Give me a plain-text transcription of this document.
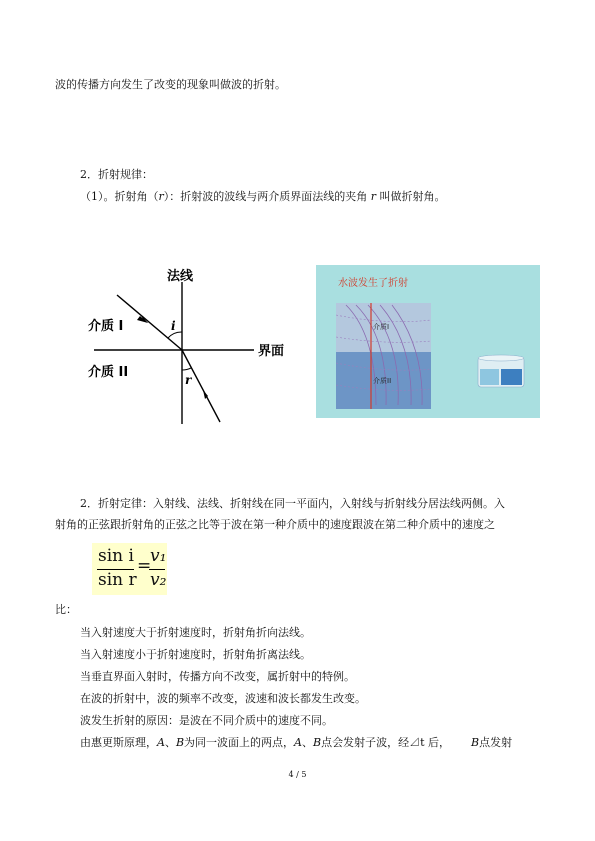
波的传播方向发生了改变的现象叫做波的折射。
2．折射规律：
（1）。折射角（r）：折射波的波线与两介质界面法线的夹角 r 叫做折射角。
法线
界面
介质 I
介质 II
i
r
水波发生了折射
介质I
介质II
2．折射定律：入射线、法线、折射线在同一平面内，入射线与折射线分居法线两侧。入
射角的正弦跟折射角的正弦之比等于波在第一种介质中的速度跟波在第二种介质中的速度之
sin i
sin r
=
v₁
v₂
比：
当入射速度大于折射速度时，折射角折向法线。
当入射速度小于折射速度时，折射角折离法线。
当垂直界面入射时，传播方向不改变，属折射中的特例。
在波的折射中，波的频率不改变，波速和波长都发生改变。
波发生折射的原因：是波在不同介质中的速度不同。
由惠更斯原理，A、B为同一波面上的两点，A、B点会发射子波，经⊿t 后， B点发射
4 / 5
